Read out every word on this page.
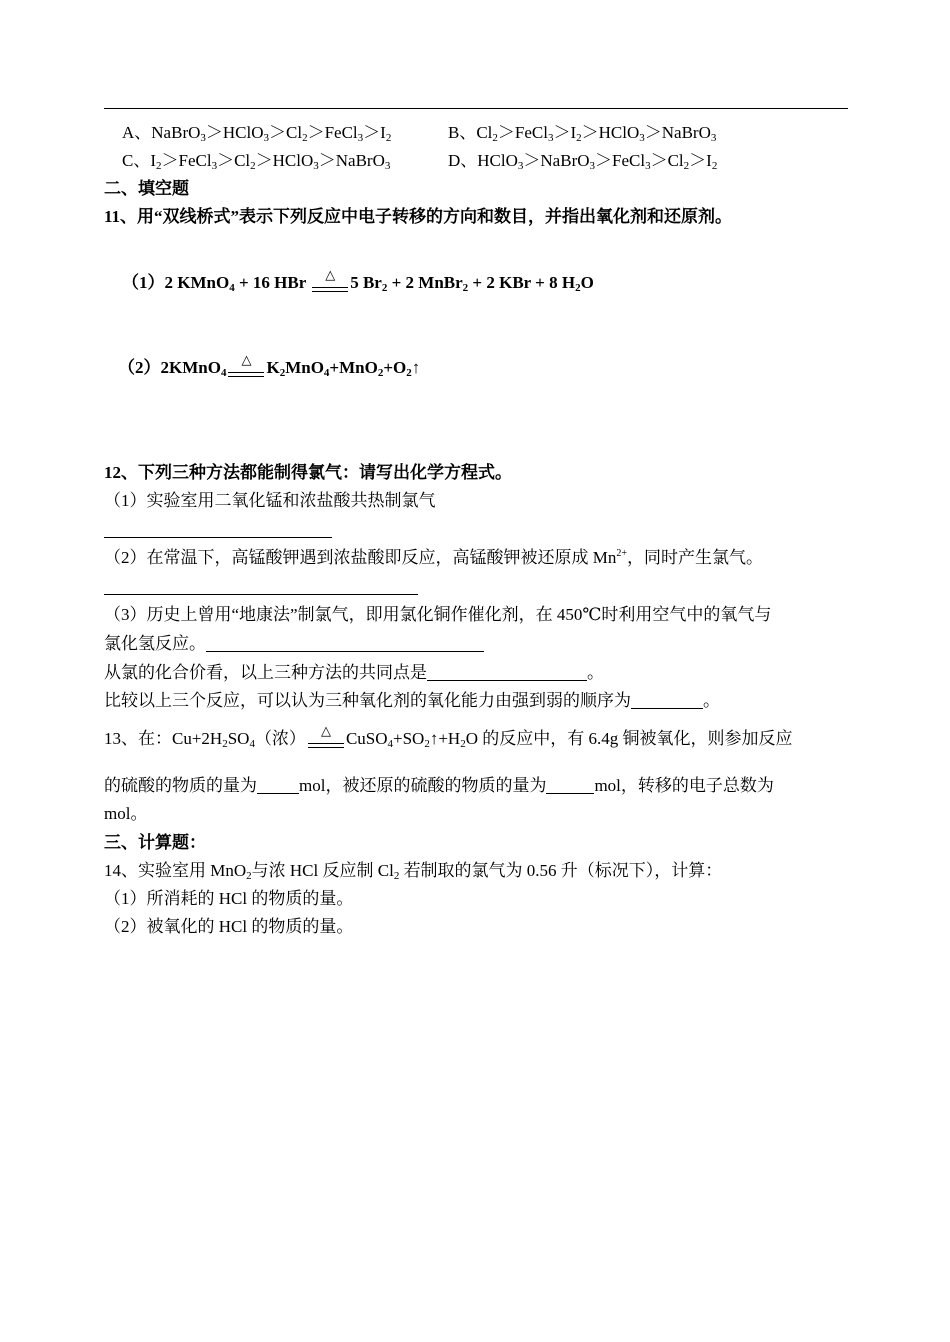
A、$NaBrO_3>HClO_3>Cl_2>FeCl_3>I_2$	B、$Cl_2>FeCl_3>I_2>HClO_3>NaBrO_3$
C、$I_2>FeCl_3>Cl_2>HClO_3>NaBrO_3$	D、$HClO_3>NaBrO_3>FeCl_3>Cl_2>I_2$
二、填空题
11、用“双线桥式”表示下列反应中电子转移的方向和数目，并指出氧化剂和还原剂。
（1）2 KMnO$_4$ + 16 HBr	△ 5 $Br_2 + 2$ MnBr$_2$ + 2 KBr + 8 $H_2O$
（2）2KMnO$_4$
△ $K_2MnO_4+MnO_2+O_2↑$
12、下列三种方法都能制得氯气：请写出化学方程式。
（1）实验室用二氧化锰和浓盐酸共热制氯气
（2）在常温下，高锰酸钾遇到浓盐酸即反应，高锰酸钾被还原成 $Mn^{2+}$，同时产生氯气。
（3）历史上曾用“地康法”制氯气，即用氯化铜作催化剂，在 450℃时利用空气中的氧气与
氯化氢反应。
从氯的化合价看，以上三种方法的共同点是	。
比较以上三个反应，可以认为三种氧化剂的氧化能力由强到弱的顺序为	。
13、在：$Cu+2H_2SO_4$（浓）	△ $CuSO_4+SO_2↑+H_2O$ 的反应中，有 6.4g 铜被氧化，则参加反应
的硫酸的物质的量为 mol，被还原的硫酸的物质的量为	mol，转移的电子总数为
mol。
三、计算题：
14、实验室用 MnO$_2$与浓 HCl 反应制 $Cl_2$ 若制取的氯气为 0.56 升（标况下），计算：
（1）所消耗的 HCl 的物质的量。
（2）被氧化的 HCl 的物质的量。
